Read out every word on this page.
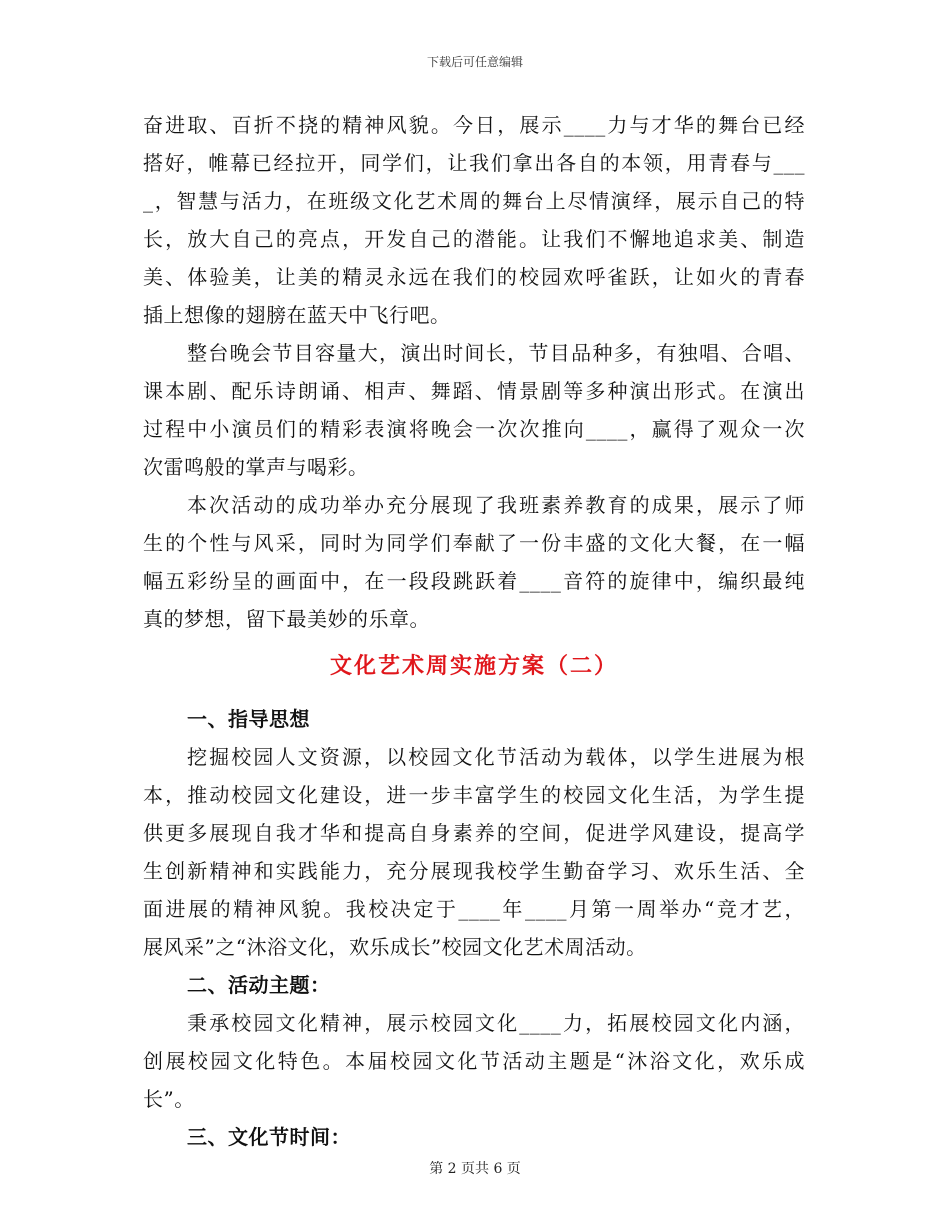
下载后可任意编辑
奋进取、百折不挠的精神风貌。今日，展示____力与才华的舞台已经
搭好，帷幕已经拉开，同学们，让我们拿出各自的本领，用青春与___
_，智慧与活力，在班级文化艺术周的舞台上尽情演绎，展示自己的特
长，放大自己的亮点，开发自己的潜能。让我们不懈地追求美、制造
美、体验美，让美的精灵永远在我们的校园欢呼雀跃，让如火的青春
插上想像的翅膀在蓝天中飞行吧。
整台晚会节目容量大，演出时间长，节目品种多，有独唱、合唱、
课本剧、配乐诗朗诵、相声、舞蹈、情景剧等多种演出形式。在演出
过程中小演员们的精彩表演将晚会一次次推向____，赢得了观众一次
次雷鸣般的掌声与喝彩。
本次活动的成功举办充分展现了我班素养教育的成果，展示了师
生的个性与风采，同时为同学们奉献了一份丰盛的文化大餐，在一幅
幅五彩纷呈的画面中，在一段段跳跃着____音符的旋律中，编织最纯
真的梦想，留下最美妙的乐章。
文化艺术周实施方案（二）
一、指导思想
挖掘校园人文资源，以校园文化节活动为载体，以学生进展为根
本，推动校园文化建设，进一步丰富学生的校园文化生活，为学生提
供更多展现自我才华和提高自身素养的空间，促进学风建设，提高学
生创新精神和实践能力，充分展现我校学生勤奋学习、欢乐生活、全
面进展的精神风貌。我校决定于____年____月第一周举办“竞才艺，
展风采”之“沐浴文化，欢乐成长”校园文化艺术周活动。
二、活动主题：
秉承校园文化精神，展示校园文化____力，拓展校园文化内涵，
创展校园文化特色。本届校园文化节活动主题是“沐浴文化，欢乐成
长”。
三、文化节时间：
第 2 页共 6 页
